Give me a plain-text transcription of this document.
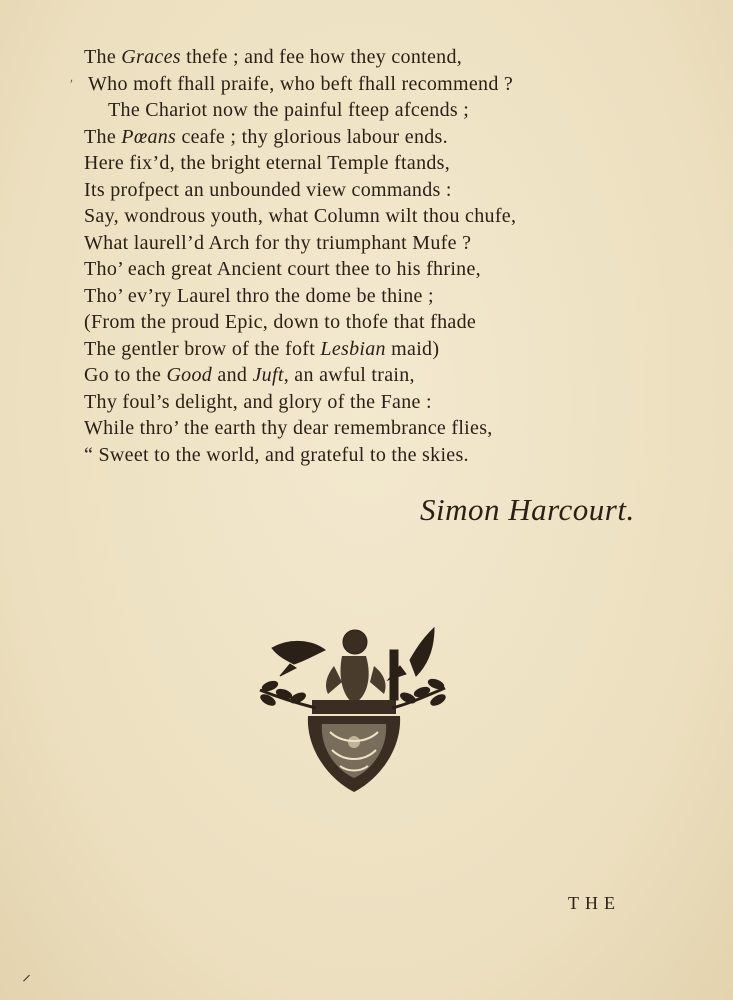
ʹ
The Graces thefe ; and fee how they contend,
Who moft fhall praife, who beft fhall recommend ?
The Chariot now the painful fteep afcends ;
The Pœans ceafe ; thy glorious labour ends.
Here fix’d, the bright eternal Temple ftands,
Its profpect an unbounded view commands :
Say, wondrous youth, what Column wilt thou chufe,
What laurell’d Arch for thy triumphant Mufe ?
Tho’ each great Ancient court thee to his fhrine,
Tho’ ev’ry Laurel thro the dome be thine ;
(From the proud Epic, down to thofe that fhade
The gentler brow of the foft Lesbian maid)
Go to the Good and Juft, an awful train,
Thy foul’s delight, and glory of the Fane :
While thro’ the earth thy dear remembrance flies,
“ Sweet to the world, and grateful to the skies.
Simon Harcourt.
THE
⸝
